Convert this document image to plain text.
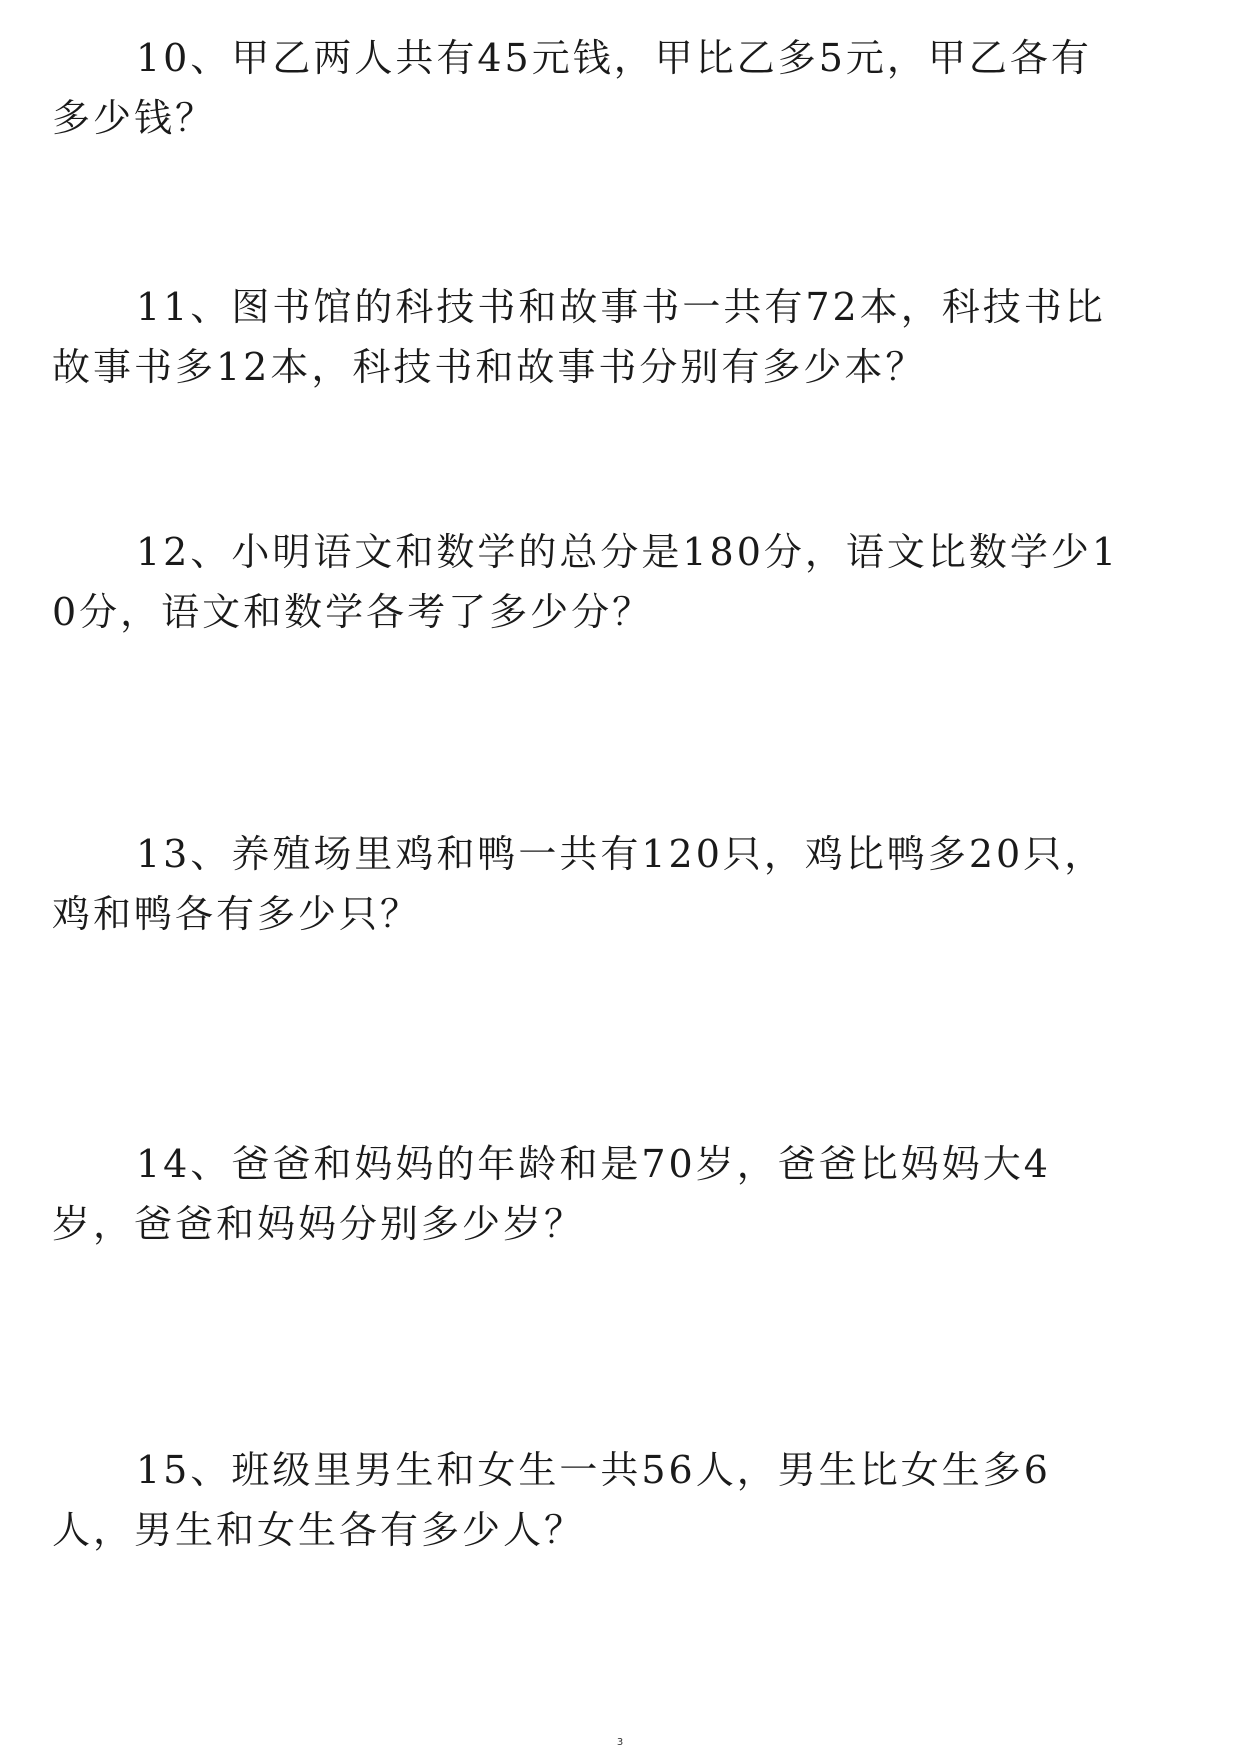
10、甲乙两人共有45元钱，甲比乙多5元，甲乙各有多少钱？

11、图书馆的科技书和故事书一共有72本，科技书比故事书多12本，科技书和故事书分别有多少本？

12、小明语文和数学的总分是180分，语文比数学少10分，语文和数学各考了多少分？

13、养殖场里鸡和鸭一共有120只，鸡比鸭多20只，鸡和鸭各有多少只？

14、爸爸和妈妈的年龄和是70岁，爸爸比妈妈大4岁，爸爸和妈妈分别多少岁？

15、班级里男生和女生一共56人，男生比女生多6人，男生和女生各有多少人？

3
